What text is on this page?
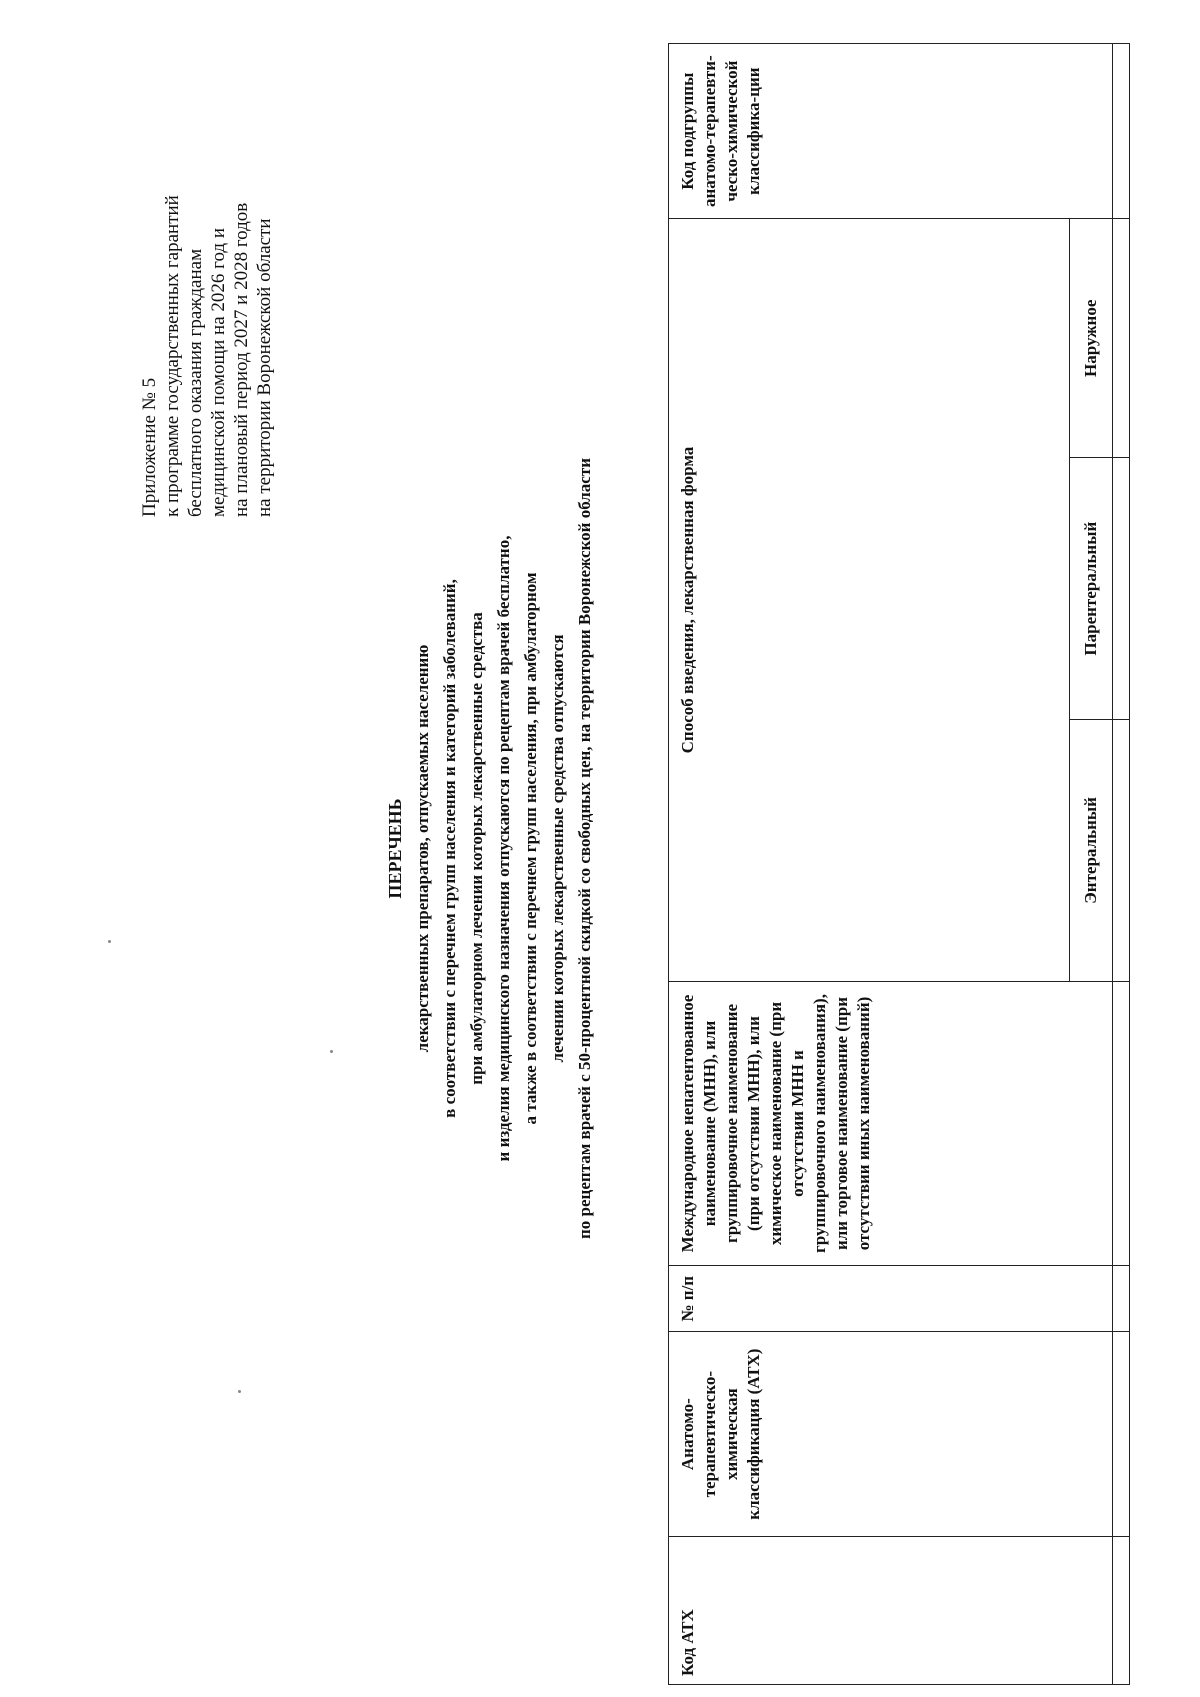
Приложение № 5 к программе государственных гарантий бесплатного оказания гражданам медицинской помощи на 2026 год и на плановый период 2027 и 2028 годов на территории Воронежской области
ПЕРЕЧЕНЬ лекарственных препаратов, отпускаемых населению в соответствии с перечнем групп населения и категорий заболеваний, при амбулаторном лечении которых лекарственные средства и изделия медицинского назначения отпускаются по рецептам врачей бесплатно, а также в соответствии с перечнем групп населения, при амбулаторном лечении которых лекарственные средства отпускаются по рецептам врачей с 50-процентной скидкой со свободных цен, на территории Воронежской области
Код АТХ	Анатомо-терапевтическо-химическая классификация (АТХ)	№ п/п	Международное непатентованное наименование (МНН), или группировочное наименование (при отсутствии МНН), или химическое наименование (при отсутствии МНН и группировочного наименования), или торговое наименование (при отсутствии иных наименований)	Способ введения, лекарственная форма			Код подгруппы анатомо-терапевти-ческо-химической классифика-ции
				Энтеральный	Парентеральный	Наружное	
